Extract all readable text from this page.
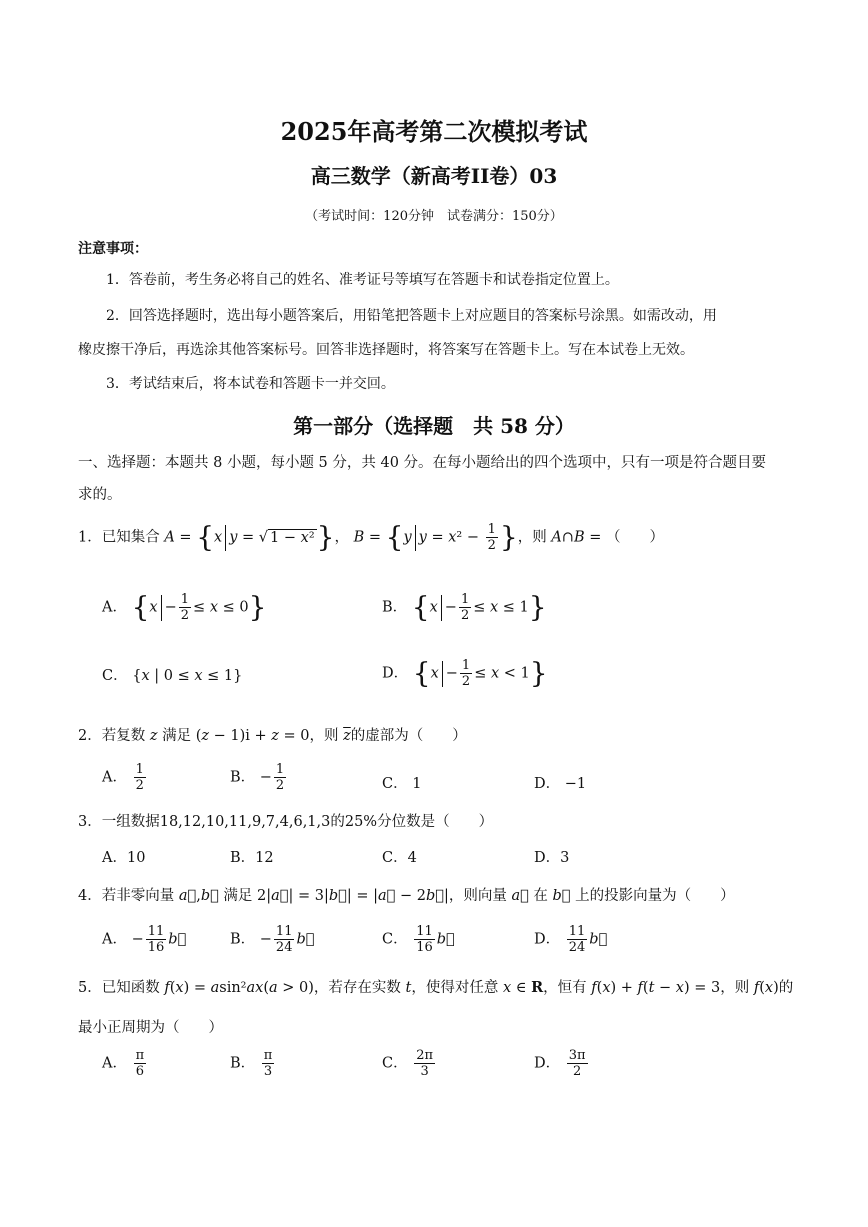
2025年高考第二次模拟考试
高三数学（新高考II卷）03
（考试时间：120分钟　试卷满分：150分）
注意事项：
1．答卷前，考生务必将自己的姓名、准考证号等填写在答题卡和试卷指定位置上。
2．回答选择题时，选出每小题答案后，用铅笔把答题卡上对应题目的答案标号涂黑。如需改动，用
橡皮擦干净后，再选涂其他答案标号。回答非选择题时，将答案写在答题卡上。写在本试卷上无效。
3．考试结束后，将本试卷和答题卡一并交回。
第一部分（选择题　共 58 分）
一、选择题：本题共 8 小题，每小题 5 分，共 40 分。在每小题给出的四个选项中，只有一项是符合题目要
求的。
1．已知集合 A = {x y = √ 1 − x²}， B = {y $y = x^2 - \frac{1}{2}$ }，则 A∩B = （　　）
A． $\{x - \frac{1}{2} \le x \le 0\}$	B． $\{x - \frac{1}{2} \le x \le 1\}$
C． {x | 0 ≤ x ≤ 1}	D． $\{x - \frac{1}{2} \le x < 1\}$
2．若复数 z 满足 (z − 1)i + z = 0，则 $\overline{z}$的虚部为（　　）
A． $\frac{1}{2}$	B． − $\frac{1}{2}$	C． 1	D． −1
3．一组数据18,12,10,11,9,7,4,6,1,3的25%分位数是（　　）
A．10	B．12	C．4	D．3
4．若非零向量 a⃗,b⃗ 满足 2|a⃗| = 3|b⃗| = |a⃗ − 2b⃗|，则向量 a⃗ 在 b⃗ 上的投影向量为（　　）
A． − $\frac{11}{16}$ b⃗	B． − $\frac{11}{24}$ b⃗	C． $\frac{11}{16}$ b⃗	D． $\frac{11}{24}$ b⃗
5．已知函数 f(x) = asin²ax(a > 0)，若存在实数 t，使得对任意 x ∈ R，恒有 f(x) + f(t − x) = 3，则 f(x)的
最小正周期为（　　）
A． $\frac{\pi}{6}$	B． $\frac{\pi}{3}$	C． $\frac{2\pi}{3}$	D． $\frac{3\pi}{2}$
